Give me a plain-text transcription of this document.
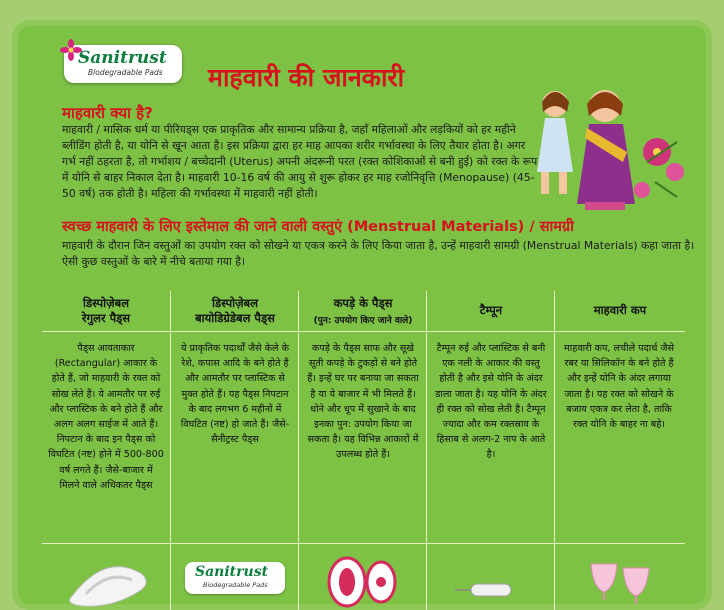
Sanitrust
Biodegradable Pads माहवारी की जानकारी
माहवारी क्या है?
माहवारी / मासिक धर्म या पीरियड्स एक प्राकृतिक और सामान्य प्रक्रिया है, जहाँ महिलाओं और लड़कियों को हर महीने ब्लीडिंग होती है, या योनि से खून आता है। इस प्रक्रिया द्वारा हर माह आपका शरीर गर्भावस्था के लिए तैयार होता है। अगर गर्भ नहीं ठहरता है, तो गर्भाशय / बच्चेदानी (Uterus) अपनी अंदरूनी परत (रक्त कोशिकाओं से बनी हुई) को रक्त के रूप में योनि से बाहर निकाल देता है। माहवारी 10-16 वर्ष की आयु से शुरू होकर हर माह रजोनिवृत्ति (Menopause) (45-50 वर्ष) तक होती है। महिला की गर्भावस्था में माहवारी नहीं होती।
स्वच्छ माहवारी के लिए इस्तेमाल की जाने वाली वस्तुएं (Menstrual Materials) / सामग्री
माहवारी के दौरान जिन वस्तुओं का उपयोग रक्त को सोखने या एकत्र करने के लिए किया जाता है, उन्हें माहवारी सामग्री (Menstrual Materials) कहा जाता है। ऐसी कुछ वस्तुओं के बारे में नीचे बताया गया है।
डिस्पोज़ेबल
रेगुलर पैड्स
पैड्स आयताकार (Rectangular) आकार के होते हैं, जो माहवारी के रक्त को सोख लेते हैं। ये आमतौर पर रुई और प्लास्टिक के बने होते हैं और अलग अलग साईज में आते हैं। निपटान के बाद इन पैड्स को विघटित (नष्ट) होने में 500-800 वर्ष लगते हैं। जैसे-बाजार में मिलने वाले अधिकतर पैड्स
डिस्पोज़ेबल
बायोडिग्रेडेबल पैड्स
ये प्राकृतिक पदार्थों जैसे केले के रेशे, कपास आदि के बने होते हैं और आमतौर पर प्लास्टिक से मुक्त होते हैं। यह पैड्स निपटान के बाद लगभग 6 महीनों में विघटित (नष्ट) हो जाते हैं। जैसे- सैनीट्रस्ट पैड्स
Sanitrust
Biodegradable Pads
कपड़े के पैड्स
(पुन: उपयोग किए जाने वाले)
कपड़े के पैड्स साफ और सूखे सूती कपड़े के टुकड़ों से बने होते हैं। इन्हें घर पर बनाया जा सकता है या ये बाजार में भी मिलते हैं। धोने और धूप में सुखाने के बाद इनका पुन: उपयोग किया जा सकता है। यह विभिन्न आकारों में उपलब्ध होते हैं।
टैम्पून
टैम्पून रुई और प्लास्टिक से बनी एक नली के आकार की वस्तु होती है और इसे योनि के अंदर डाला जाता है। यह योनि के अंदर ही रक्त को सोख लेती है। टैम्पून ज्यादा और कम रक्तस्राव के हिसाब से अलग-2 नाप के आते है।
माहवारी कप
माहवारी कप, लचीले पदार्थ जैसे रबर या सिलिकॉन के बने होते हैं और इन्हें योनि के अंदर लगाया जाता है। यह रक्त को सोखने के बजाय एकत्र कर लेता है, ताकि रक्त योनि के बाहर ना बहे।
